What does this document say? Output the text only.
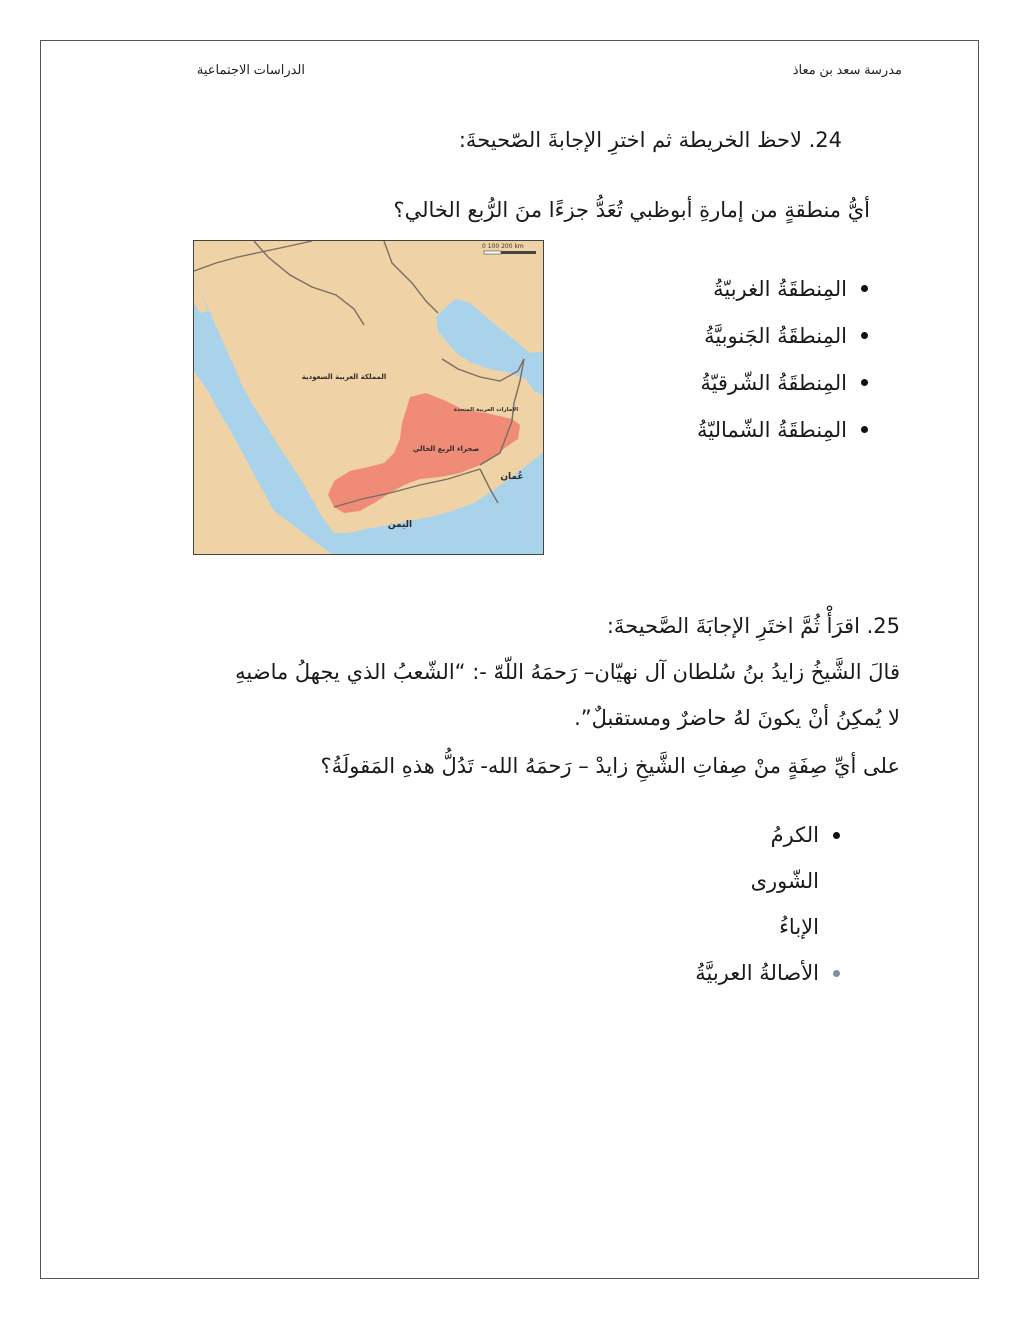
مدرسة سعد بن معاذ
الدراسات الاجتماعية
24. لاحظ الخريطة ثم اخترِ الإجابةَ الصّحيحةَ:
أيُّ منطقةٍ من إمارةِ أبوظبي تُعَدُّ جزءًا منَ الرُّبع الخالي؟
المِنطقَةُ الغربيّةُ
المِنطقَةُ الجَنوبيَّةُ
المِنطقَةُ الشّرقيّةُ
المِنطقَةُ الشّماليّةُ
0 100 200 km
المملكة العربية السعودية
الإمارات العربية المتحدة
صحراء الربع الخالي
عُمان
اليمن
25. اقرَأْ ثُمَّ اختَرِ الإجابَةَ الصَّحيحةَ:
قالَ الشَّيخُ زايدُ بنُ سُلطان آل نهيّان– رَحمَهُ اللّهّ -: “الشّعبُ الذي يجهلُ ماضيهِ
لا يُمكِنُ أنْ يكونَ لهُ حاضرٌ ومستقبلٌ”.
على أيِّ صِفَةٍ منْ صِفاتِ الشَّيخِ زايدْ – رَحمَهُ الله- تَدُلُّ هذهِ المَقولَةُ؟
الكرمُ
الشّورى
الإباءُ
الأصالةُ العربيَّةُ
